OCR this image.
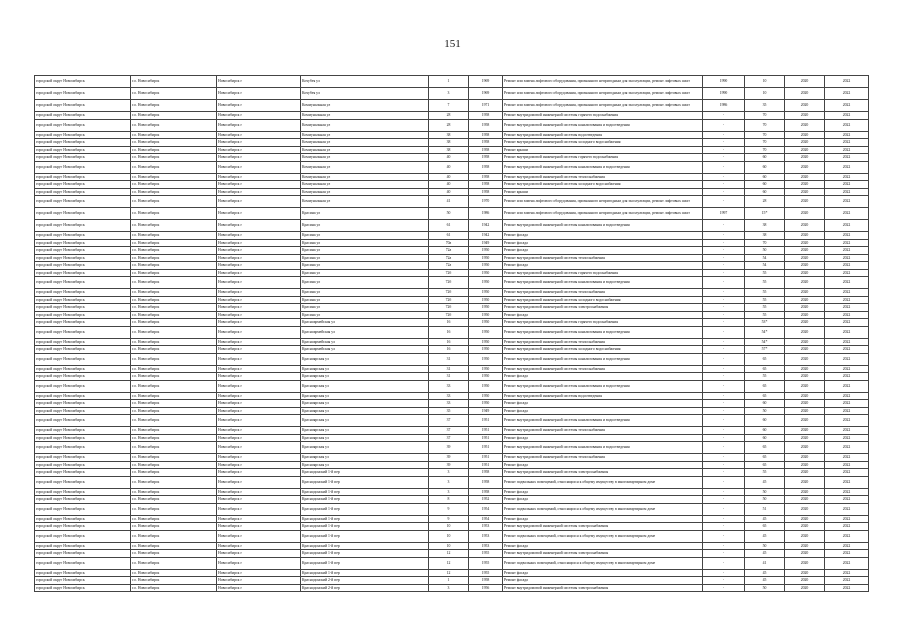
151
городской округ Новосибирск	г.о. Новосибирск	Новосибирск г	Кочубея ул	1	1969	Ремонт или замена лифтового оборудования, признанного непригодным для эксплуатации, ремонт лифтовых шахт	1990	10	2020	2022
городской округ Новосибирск	г.о. Новосибирск	Новосибирск г	Кочубея ул	3	1969	Ремонт или замена лифтового оборудования, признанного непригодным для эксплуатации, ремонт лифтовых шахт	1990	10	2020	2022
городской округ Новосибирск	г.о. Новосибирск	Новосибирск г	Коммунальная ул	7	1971	Ремонт или замена лифтового оборудования, признанного непригодным для эксплуатации, ремонт лифтовых шахт	1986	35	2020	2022
городской округ Новосибирск	г.о. Новосибирск	Новосибирск г	Коммунальная ул	28	1958	Ремонт внутридомовой инженерной системы горячего водоснабжения	-	70	2020	2022
городской округ Новосибирск	г.о. Новосибирск	Новосибирск г	Коммунальная ул	28	1958	Ремонт внутридомовой инженерной системы канализования и водоотведения	-	70	2020	2022
городской округ Новосибирск	г.о. Новосибирск	Новосибирск г	Коммунальная ул	38	1958	Ремонт внутридомовой инженерной системы водоотведения	-	70	2020	2022
городской округ Новосибирск	г.о. Новосибирск	Новосибирск г	Коммунальная ул	38	1958	Ремонт внутридомовой инженерной системы холодного водоснабжения	-	70	2020	2022
городской округ Новосибирск	г.о. Новосибирск	Новосибирск г	Коммунальная ул	38	1958	Ремонт крыши	-	70	2020	2022
городской округ Новосибирск	г.о. Новосибирск	Новосибирск г	Коммунальная ул	40	1958	Ремонт внутридомовой инженерной системы горячего водоснабжения	-	60	2020	2022
городской округ Новосибирск	г.о. Новосибирск	Новосибирск г	Коммунальная ул	40	1958	Ремонт внутридомовой инженерной системы канализования и водоотведения	-	60	2020	2022
городской округ Новосибирск	г.о. Новосибирск	Новосибирск г	Коммунальная ул	40	1958	Ремонт внутридомовой инженерной системы теплоснабжения	-	60	2020	2022
городской округ Новосибирск	г.о. Новосибирск	Новосибирск г	Коммунальная ул	40	1958	Ремонт внутридомовой инженерной системы холодного водоснабжения	-	60	2020	2022
городской округ Новосибирск	г.о. Новосибирск	Новосибирск г	Коммунальная ул	40	1958	Ремонт крыши	-	60	2020	2022
городской округ Новосибирск	г.о. Новосибирск	Новосибирск г	Коммунальная ул	41	1970	Ремонт или замена лифтового оборудования, признанного непригодным для эксплуатации, ремонт лифтовых шахт	-	28	2020	2022
городской округ Новосибирск	г.о. Новосибирск	Новосибирск г	Красина ул	50	1986	Ремонт или замена лифтового оборудования, признанного непригодным для эксплуатации, ремонт лифтовых шахт	1997	15*	2020	2022
городской округ Новосибирск	г.о. Новосибирск	Новосибирск г	Красина ул	61	1942	Ремонт внутридомовой инженерной системы канализования и водоотведения	-	38	2020	2022
городской округ Новосибирск	г.о. Новосибирск	Новосибирск г	Красина ул	61	1942	Ремонт фасада	-	38	2020	2022
городской округ Новосибирск	г.о. Новосибирск	Новосибирск г	Красина ул	70а	1949	Ремонт фасада	-	70	2020	2022
городской округ Новосибирск	г.о. Новосибирск	Новосибирск г	Красина ул	72а	1950	Ремонт фасада	-	50	2020	2022
городской округ Новосибирск	г.о. Новосибирск	Новосибирск г	Красина ул	72а	1950	Ремонт внутридомовой инженерной системы теплоснабжения	-	54	2020	2022
городской округ Новосибирск	г.о. Новосибирск	Новосибирск г	Красина ул	72а	1950	Ремонт фасада	-	54	2020	2022
городской округ Новосибирск	г.о. Новосибирск	Новосибирск г	Красина ул	72б	1950	Ремонт внутридомовой инженерной системы горячего водоснабжения	-	55	2020	2022
городской округ Новосибирск	г.о. Новосибирск	Новосибирск г	Красина ул	72б	1950	Ремонт внутридомовой инженерной системы канализования и водоотведения	-	55	2020	2022
городской округ Новосибирск	г.о. Новосибирск	Новосибирск г	Красина ул	72б	1950	Ремонт внутридомовой инженерной системы теплоснабжения	-	55	2020	2022
городской округ Новосибирск	г.о. Новосибирск	Новосибирск г	Красина ул	72б	1950	Ремонт внутридомовой инженерной системы холодного водоснабжения	-	55	2020	2022
городской округ Новосибирск	г.о. Новосибирск	Новосибирск г	Красина ул	72б	1950	Ремонт внутридомовой инженерной системы электроснабжения	-	55	2020	2022
городской округ Новосибирск	г.о. Новосибирск	Новосибирск г	Красина ул	72б	1950	Ремонт фасада	-	55	2020	2022
городской округ Новосибирск	г.о. Новосибирск	Новосибирск г	Красноармейская ул	16	1950	Ремонт внутридомовой инженерной системы горячего водоснабжения	-	53*	2020	2022
городской округ Новосибирск	г.о. Новосибирск	Новосибирск г	Красноармейская ул	16	1950	Ремонт внутридомовой инженерной системы канализования и водоотведения	-	54*	2020	2022
городской округ Новосибирск	г.о. Новосибирск	Новосибирск г	Красноармейская ул	16	1950	Ремонт внутридомовой инженерной системы теплоснабжения	-	54*	2020	2022
городской округ Новосибирск	г.о. Новосибирск	Новосибирск г	Красноармейская ул	16	1950	Ремонт внутридомовой инженерной системы холодного водоснабжения	-	57*	2020	2022
городской округ Новосибирск	г.о. Новосибирск	Новосибирск г	Красноярская ул	31	1950	Ремонт внутридомовой инженерной системы канализования и водоотведения	-	65	2020	2022
городской округ Новосибирск	г.о. Новосибирск	Новосибирск г	Красноярская ул	31	1950	Ремонт внутридомовой инженерной системы теплоснабжения	-	65	2020	2022
городской округ Новосибирск	г.о. Новосибирск	Новосибирск г	Красноярская ул	31	1950	Ремонт фасада	-	55	2020	2022
городской округ Новосибирск	г.о. Новосибирск	Новосибирск г	Красноярская ул	33	1950	Ремонт внутридомовой инженерной системы канализования и водоотведения	-	65	2020	2022
городской округ Новосибирск	г.о. Новосибирск	Новосибирск г	Красноярская ул	33	1950	Ремонт внутридомовой инженерной системы водоотведения	-	65	2020	2022
городской округ Новосибирск	г.о. Новосибирск	Новосибирск г	Красноярская ул	33	1950	Ремонт фасада	-	60	2020	2022
городской округ Новосибирск	г.о. Новосибирск	Новосибирск г	Красноярская ул	35	1949	Ремонт фасада	-	50	2020	2022
городской округ Новосибирск	г.о. Новосибирск	Новосибирск г	Красноярская ул	37	1951	Ремонт внутридомовой инженерной системы канализования и водоотведения	-	60	2020	2022
городской округ Новосибирск	г.о. Новосибирск	Новосибирск г	Красноярская ул	37	1951	Ремонт внутридомовой инженерной системы теплоснабжения	-	60	2020	2022
городской округ Новосибирск	г.о. Новосибирск	Новосибирск г	Красноярская ул	37	1951	Ремонт фасада	-	60	2020	2022
городской округ Новосибирск	г.о. Новосибирск	Новосибирск г	Красноярская ул	39	1951	Ремонт внутридомовой инженерной системы канализования и водоотведения	-	65	2020	2022
городской округ Новосибирск	г.о. Новосибирск	Новосибирск г	Красноярская ул	39	1951	Ремонт внутридомовой инженерной системы теплоснабжения	-	65	2020	2022
городской округ Новосибирск	г.о. Новосибирск	Новосибирск г	Красноярская ул	39	1951	Ремонт фасада	-	65	2020	2022
городской округ Новосибирск	г.о. Новосибирск	Новосибирск г	Краснодонский 1-й пер	3	1958	Ремонт внутридомовой инженерной системы электроснабжения	-	55	2020	2022
городской округ Новосибирск	г.о. Новосибирск	Новосибирск г	Краснодонский 1-й пер	3	1958	Ремонт подвальных помещений, относящихся к общему имуществу в многоквартирном доме	-	45	2020	2022
городской округ Новосибирск	г.о. Новосибирск	Новосибирск г	Краснодонский 1-й пер	3	1958	Ремонт фасада	-	50	2020	2022
городской округ Новосибирск	г.о. Новосибирск	Новосибирск г	Краснодонский 1-й пер	8	1952	Ремонт фасада	-	50	2020	2022
городской округ Новосибирск	г.о. Новосибирск	Новосибирск г	Краснодонский 1-й пер	9	1954	Ремонт подвальных помещений, относящихся к общему имуществу в многоквартирном доме	-	51	2020	2022
городской округ Новосибирск	г.о. Новосибирск	Новосибирск г	Краснодонский 1-й пер	9	1954	Ремонт фасада	-	45	2020	2022
городской округ Новосибирск	г.о. Новосибирск	Новосибирск г	Краснодонский 1-й пер	10	1953	Ремонт внутридомовой инженерной системы электроснабжения	-	65	2020	2022
городской округ Новосибирск	г.о. Новосибирск	Новосибирск г	Краснодонский 1-й пер	10	1953	Ремонт подвальных помещений, относящихся к общему имуществу в многоквартирном доме	-	45	2020	2022
городской округ Новосибирск	г.о. Новосибирск	Новосибирск г	Краснодонский 1-й пер	10	1953	Ремонт фасада	-	50	2020	2022
городской округ Новосибирск	г.о. Новосибирск	Новосибирск г	Краснодонский 1-й пер	12	1955	Ремонт внутридомовой инженерной системы электроснабжения	-	45	2020	2022
городской округ Новосибирск	г.о. Новосибирск	Новосибирск г	Краснодонский 1-й пер	12	1955	Ремонт подвальных помещений, относящихся к общему имуществу в многоквартирном доме	-	41	2020	2022
городской округ Новосибирск	г.о. Новосибирск	Новосибирск г	Краснодонский 1-й пер	12	1955	Ремонт фасада	-	45	2020	2022
городской округ Новосибирск	г.о. Новосибирск	Новосибирск г	Краснодонский 2-й пер	1	1958	Ремонт фасада	-	45	2020	2022
городской округ Новосибирск	г.о. Новосибирск	Новосибирск г	Краснодонский 2-й пер	3	1956	Ремонт внутридомовой инженерной системы электроснабжения	-	50	2020	2022
